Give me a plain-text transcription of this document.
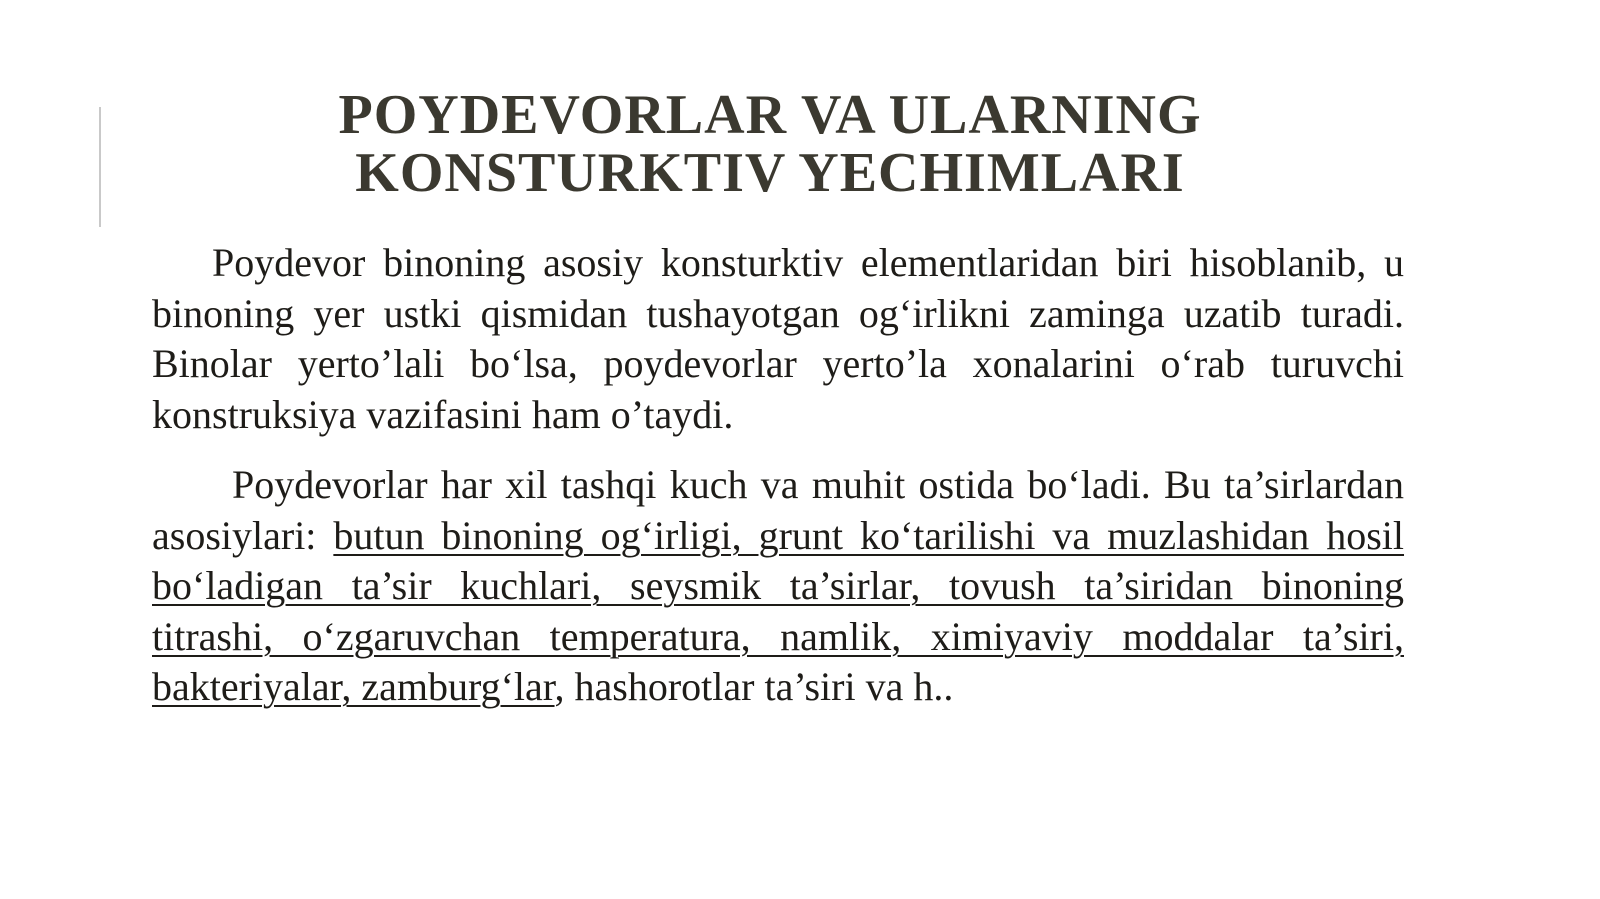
POYDEVORLAR VA ULARNING
KONSTURKTIV YECHIMLARI

Poydevor binoning asosiy konsturktiv elementlaridan biri hisoblanib, u binoning yer ustki qismidan tushayotgan og‘irlikni zaminga uzatib turadi. Binolar yerto’lali bo‘lsa, poydevorlar yerto’la xonalarini o‘rab turuvchi konstruksiya vazifasini ham o’taydi.

Poydevorlar har xil tashqi kuch va muhit ostida bo‘ladi. Bu ta’sirlardan asosiylari: butun binoning og‘irligi, grunt ko‘tarilishi va muzlashidan hosil bo‘ladigan ta’sir kuchlari, seysmik ta’sirlar, tovush ta’siridan binoning titrashi, o‘zgaruvchan temperatura, namlik, ximiyaviy moddalar ta’siri, bakteriyalar, zamburg‘lar, hashorotlar ta’siri va h..
